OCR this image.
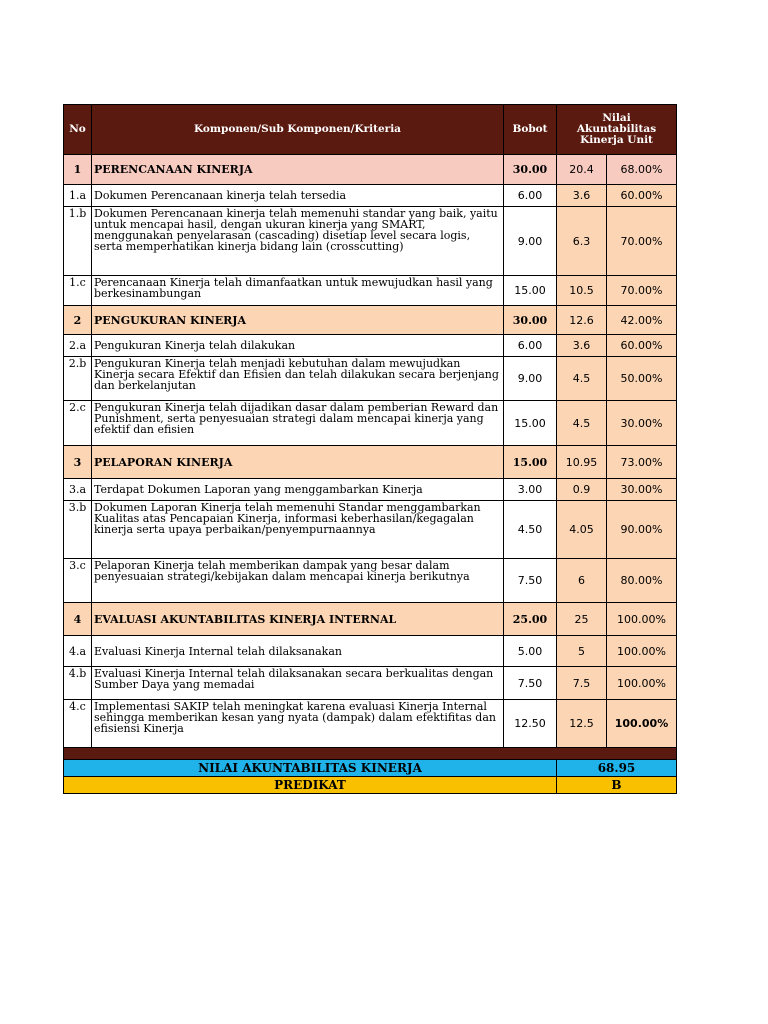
No	Komponen/Sub Komponen/Kriteria	Bobot	Nilai Akuntabilitas Kinerja Unit	
1	PERENCANAAN KINERJA	30.00	20.4	68.00%
1.a	Dokumen Perencanaan kinerja telah tersedia	6.00	3.6	60.00%
1.b	Dokumen Perencanaan kinerja telah memenuhi standar yang baik, yaitu untuk mencapai hasil, dengan ukuran kinerja yang SMART, menggunakan penyelarasan (cascading) disetiap level secara logis, serta memperhatikan kinerja bidang lain (crosscutting)	9.00	6.3	70.00%
1.c	Perencanaan Kinerja telah dimanfaatkan untuk mewujudkan hasil yang berkesinambungan	15.00	10.5	70.00%
2	PENGUKURAN KINERJA	30.00	12.6	42.00%
2.a	Pengukuran Kinerja telah dilakukan	6.00	3.6	60.00%
2.b	Pengukuran Kinerja telah menjadi kebutuhan dalam mewujudkan Kinerja secara Efektif dan Efisien dan telah dilakukan secara berjenjang dan berkelanjutan	9.00	4.5	50.00%
2.c	Pengukuran Kinerja telah dijadikan dasar dalam pemberian Reward dan Punishment, serta penyesuaian strategi dalam mencapai kinerja yang efektif dan efisien	15.00	4.5	30.00%
3	PELAPORAN KINERJA	15.00	10.95	73.00%
3.a	Terdapat Dokumen Laporan yang menggambarkan Kinerja	3.00	0.9	30.00%
3.b	Dokumen Laporan Kinerja telah memenuhi Standar menggambarkan Kualitas atas Pencapaian Kinerja, informasi keberhasilan/kegagalan kinerja serta upaya perbaikan/penyempurnaannya	4.50	4.05	90.00%
3.c	Pelaporan Kinerja telah memberikan dampak yang besar dalam penyesuaian strategi/kebijakan dalam mencapai kinerja berikutnya	7.50	6	80.00%
4	EVALUASI AKUNTABILITAS KINERJA INTERNAL	25.00	25	100.00%
4.a	Evaluasi Kinerja Internal telah dilaksanakan	5.00	5	100.00%
4.b	Evaluasi Kinerja Internal telah dilaksanakan secara berkualitas dengan Sumber Daya yang memadai	7.50	7.5	100.00%
4.c	Implementasi SAKIP telah meningkat karena evaluasi Kinerja Internal sehingga memberikan kesan yang nyata (dampak) dalam efektifitas dan efisiensi Kinerja	12.50	12.5	100.00%

NILAI AKUNTABILITAS KINERJA			68.95	
PREDIKAT			B	
